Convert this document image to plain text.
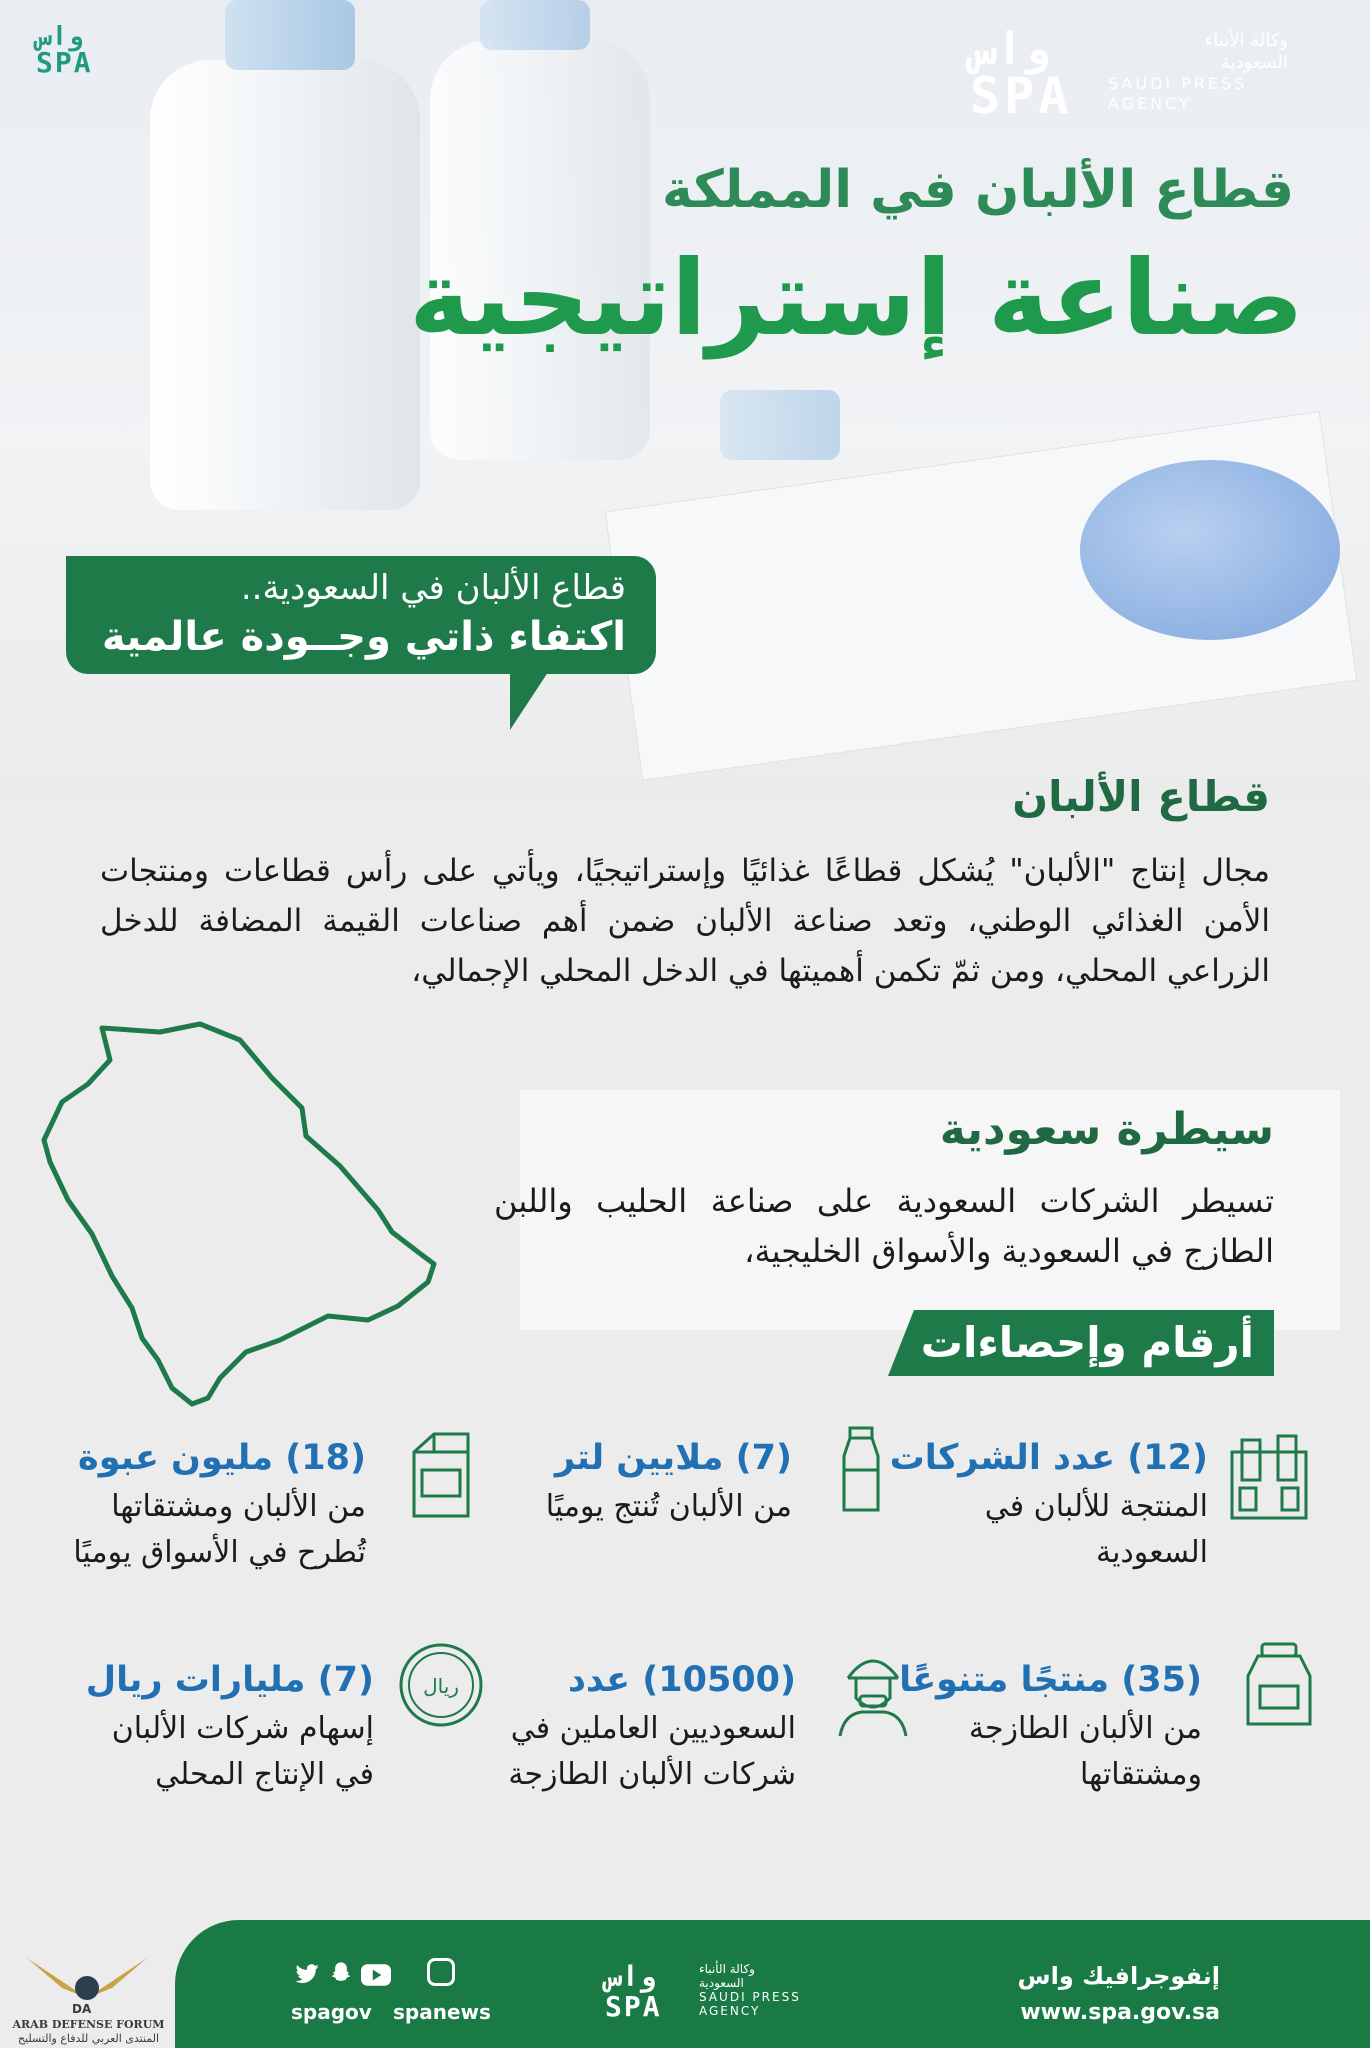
واس
SPA	واس
SPA
وكالة الأنباء
السعودية
SAUDI PRESS
AGENCY
قطاع الألبان في المملكة
صناعة إستراتيجية
قطاع الألبان في السعودية..
اكتفاء ذاتي وجــودة عالمية
قطاع الألبان
مجال إنتاج "الألبان" يُشكل قطاعًا غذائيًا وإستراتيجيًا، ويأتي على رأس قطاعات ومنتجات الأمن الغذائي الوطني، وتعد صناعة الألبان ضمن أهم صناعات القيمة المضافة للدخل الزراعي المحلي، ومن ثمّ تكمن أهميتها في الدخل المحلي الإجمالي،
سيطرة سعودية
تسيطر الشركات السعودية على صناعة الحليب واللبن الطازج في السعودية والأسواق الخليجية،
أرقام وإحصاءات
(12) عدد الشركات
المنتجة للألبان في السعودية
(7) ملايين لتر
من الألبان تُنتج يوميًا
(18) مليون عبوة
من الألبان ومشتقاتها تُطرح في الأسواق يوميًا
(35) منتجًا متنوعًا
من الألبان الطازجة ومشتقاتها
(10500) عدد
السعوديين العاملين في شركات الألبان الطازجة
(7) مليارات ريال
إسهام شركات الألبان في الإنتاج المحلي
ريال
إنفوجرافيك واس
www.spa.gov.sa
واس
SPA
وكالة الأنباء
السعودية
SAUDI PRESS
AGENCY
spagov spanews
DA
ARAB DEFENSE FORUM
المنتدى العربي للدفاع والتسليح
